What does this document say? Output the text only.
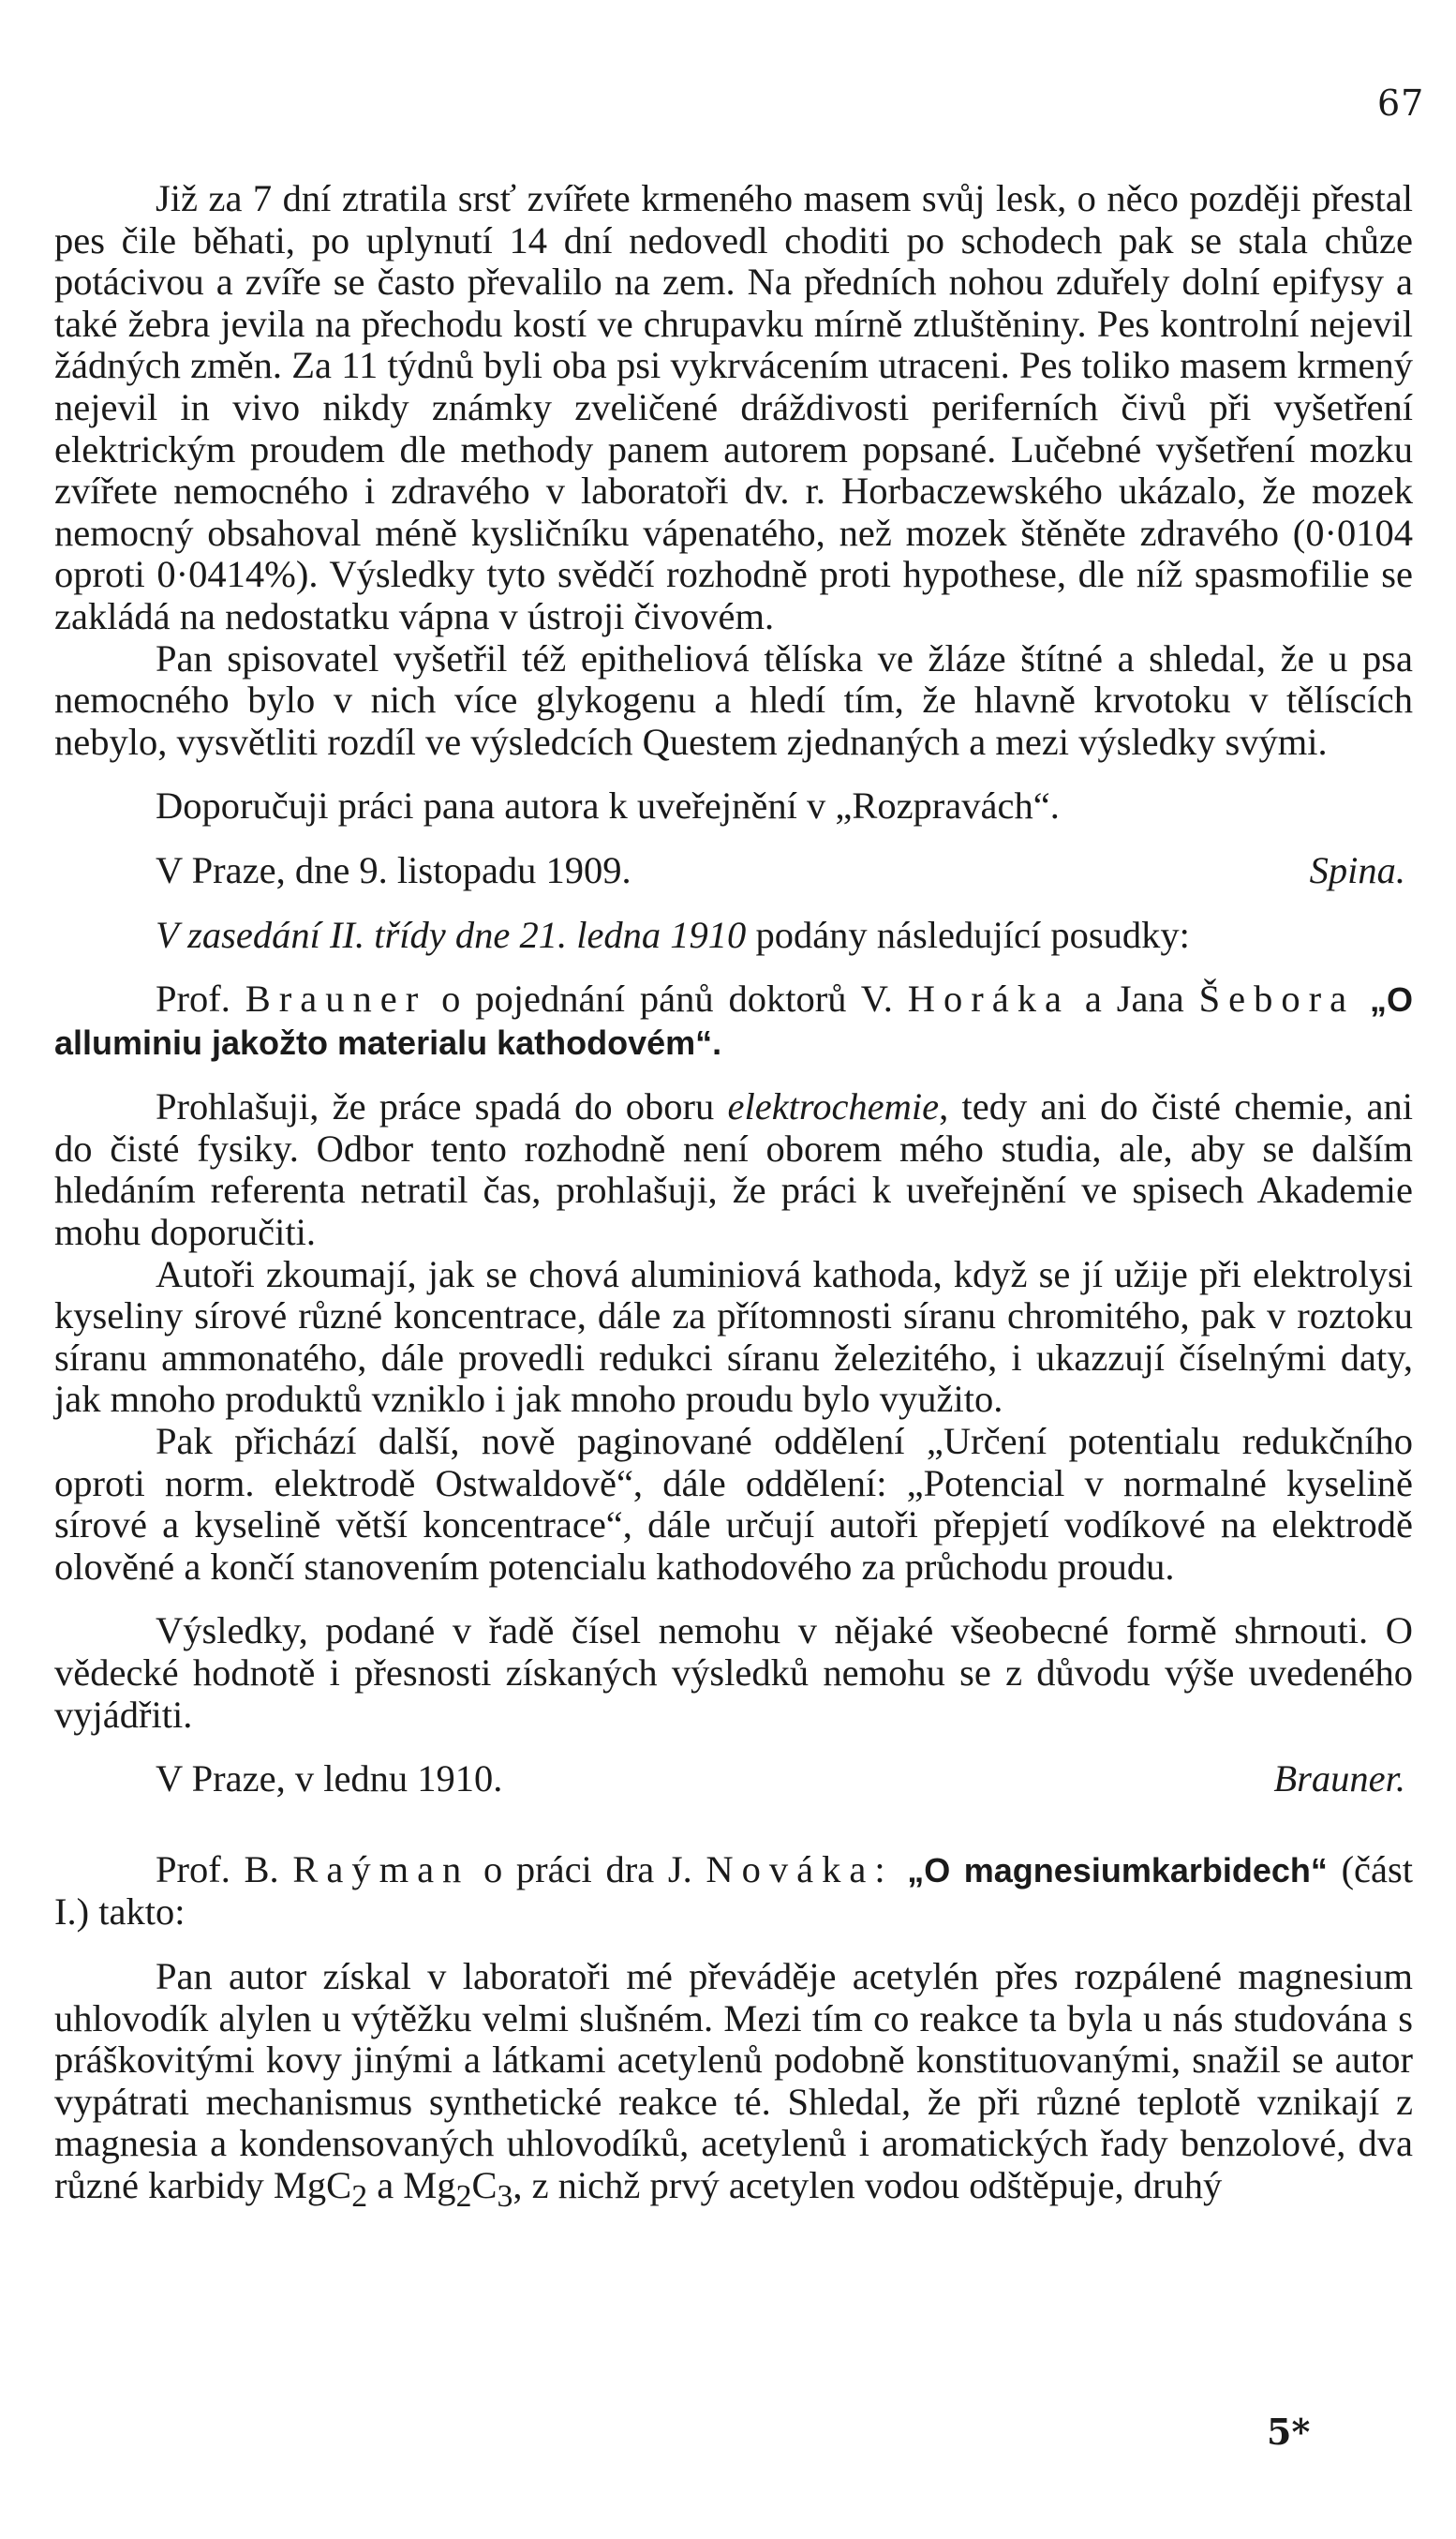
67

Již za 7 dní ztratila srsť zvířete krmeného masem svůj lesk, o něco později přestal pes čile běhati, po uplynutí 14 dní nedovedl choditi po schodech pak se stala chůze potácivou a zvíře se často převalilo na zem. Na předních nohou zduřely dolní epifysy a také žebra jevila na přechodu kostí ve chrupavku mírně ztluštěniny. Pes kontrolní nejevil žádných změn. Za 11 týdnů byli oba psi vykrvácením utraceni. Pes toliko masem krmený nejevil in vivo nikdy známky zveličené dráždivosti periferních čivů při vyšetření elektrickým proudem dle methody panem autorem popsané. Lučebné vyšetření mozku zvířete nemocného i zdravého v laboratoři dv. r. Horbaczewského ukázalo, že mozek nemocný obsahoval méně kysličníku vápenatého, než mozek štěněte zdravého (0·0104 oproti 0·0414%). Výsledky tyto svědčí rozhodně proti hypothese, dle níž spasmofilie se zakládá na nedostatku vápna v ústroji čivovém.

Pan spisovatel vyšetřil též epitheliová tělíska ve žláze štítné a shledal, že u psa nemocného bylo v nich více glykogenu a hledí tím, že hlavně krvotoku v tělíscích nebylo, vysvětliti rozdíl ve výsledcích Questem zjednaných a mezi výsledky svými.

Doporučuji práci pana autora k uveřejnění v „Rozpravách“.

V Praze, dne 9. listopadu 1909.	Spina.

V zasedání II. třídy dne 21. ledna 1910 podány následující posudky:

Prof. Brauner o pojednání pánů doktorů V. Horáka a Jana Šebora „O alluminiu jakožto materialu kathodovém“.

Prohlašuji, že práce spadá do oboru elektrochemie, tedy ani do čisté chemie, ani do čisté fysiky. Odbor tento rozhodně není oborem mého studia, ale, aby se dalším hledáním referenta netratil čas, prohlašuji, že práci k uveřejnění ve spisech Akademie mohu doporučiti.

Autoři zkoumají, jak se chová aluminiová kathoda, když se jí užije při elektrolysi kyseliny sírové různé koncentrace, dále za přítomnosti síranu chromitého, pak v roztoku síranu ammonatého, dále provedli redukci síranu železitého, i ukazzují číselnými daty, jak mnoho produktů vzniklo i jak mnoho proudu bylo využito.

Pak přichází další, nově paginované oddělení „Určení potentialu redukčního oproti norm. elektrodě Ostwaldově“, dále oddělení: „Potencial v normalné kyselině sírové a kyselině větší koncentrace“, dále určují autoři přepjetí vodíkové na elektrodě olověné a končí stanovením potencialu kathodového za průchodu proudu.

Výsledky, podané v řadě čísel nemohu v nějaké všeobecné formě shrnouti. O vědecké hodnotě i přesnosti získaných výsledků nemohu se z důvodu výše uvedeného vyjádřiti.

V Praze, v lednu 1910.	Brauner.

Prof. B. Raýman o práci dra J. Nováka: „O magnesiumkarbidech“ (část I.) takto:

Pan autor získal v laboratoři mé převáděje acetylén přes rozpálené magnesium uhlovodík alylen u výtěžku velmi slušném. Mezi tím co reakce ta byla u nás studována s práškovitými kovy jinými a látkami acetylenů podobně konstituovanými, snažil se autor vypátrati mechanismus synthetické reakce té. Shledal, že při různé teplotě vznikají z magnesia a kondensovaných uhlovodíků, acetylenů i aromatických řady benzolové, dva různé karbidy MgC$_2$ a $Mg_2C_3$, z nichž prvý acetylen vodou odštěpuje, druhý

5*
